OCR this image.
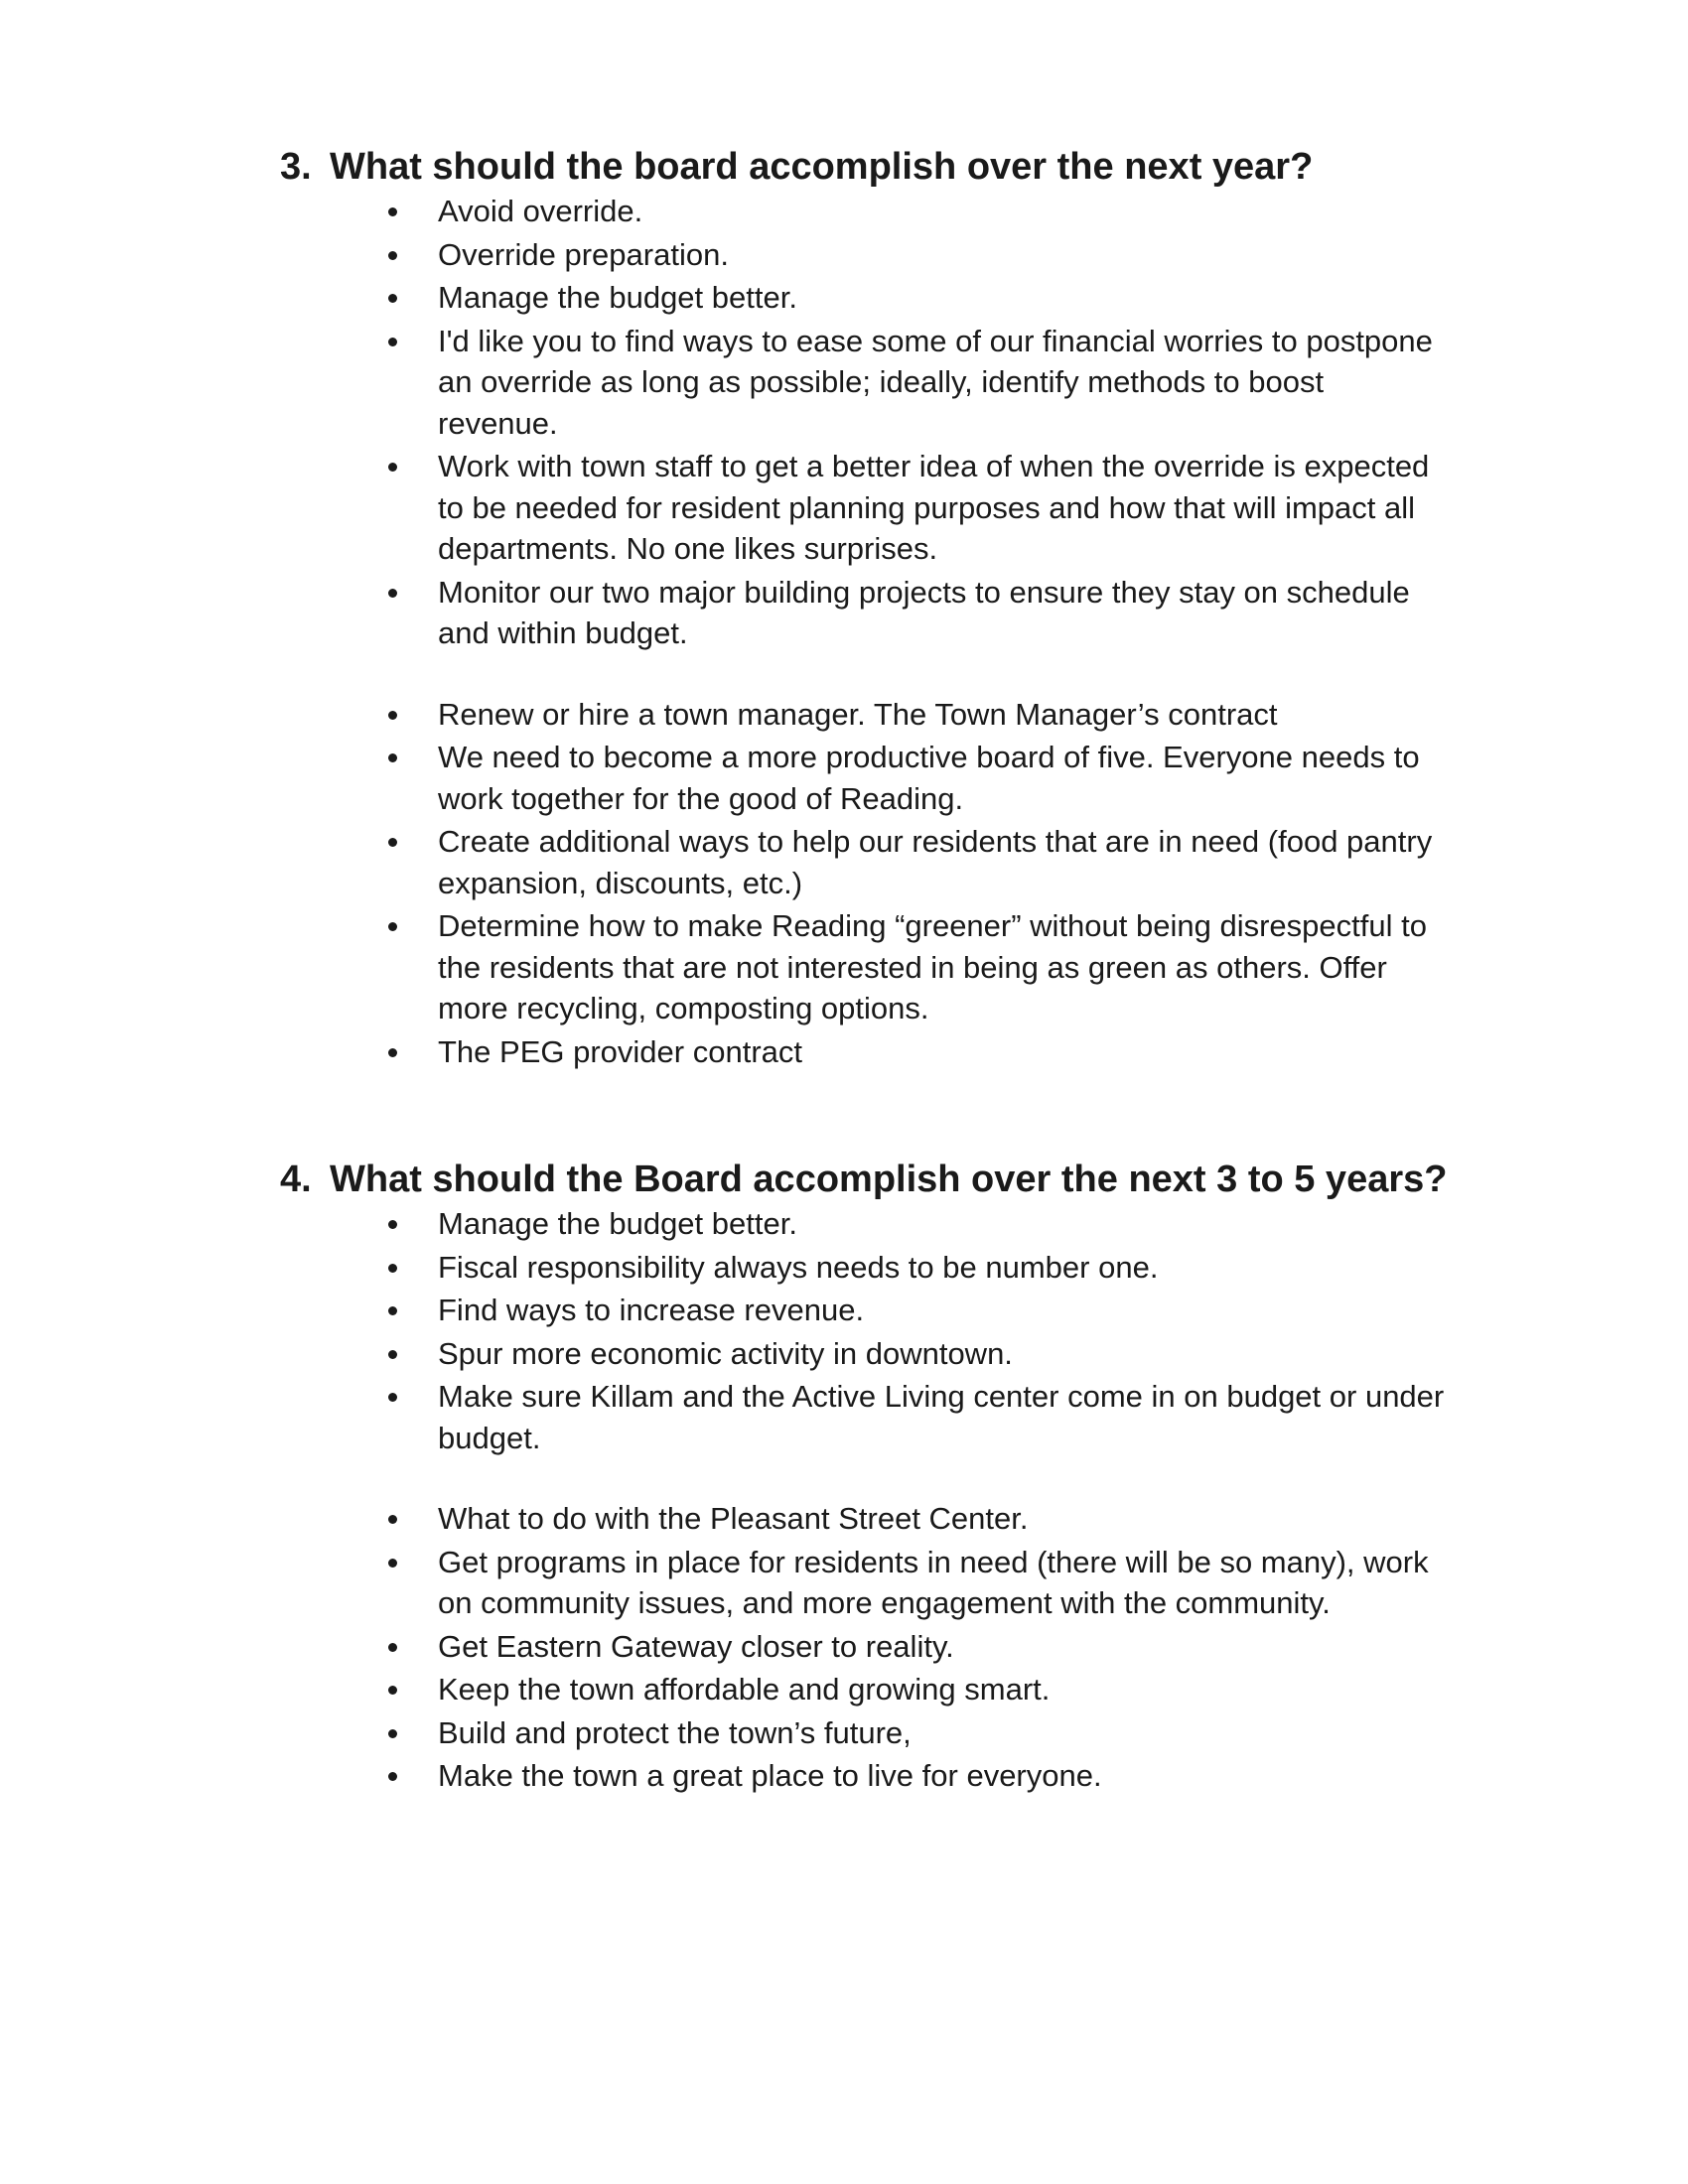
3. What should the board accomplish over the next year?
Avoid override.
Override preparation.
Manage the budget better.
I'd like you to find ways to ease some of our financial worries to postpone an override as long as possible; ideally, identify methods to boost revenue.
Work with town staff to get a better idea of when the override is expected to be needed for resident planning purposes and how that will impact all departments. No one likes surprises.
Monitor our two major building projects to ensure they stay on schedule and within budget.
Renew or hire a town manager. The Town Manager’s contract
We need to become a more productive board of five. Everyone needs to work together for the good of Reading.
Create additional ways to help our residents that are in need (food pantry expansion, discounts, etc.)
Determine how to make Reading “greener” without being disrespectful to the residents that are not interested in being as green as others. Offer more recycling, composting options.
The PEG provider contract
4. What should the Board accomplish over the next 3 to 5 years?
Manage the budget better.
Fiscal responsibility always needs to be number one.
Find ways to increase revenue.
Spur more economic activity in downtown.
Make sure Killam and the Active Living center come in on budget or under budget.
What to do with the Pleasant Street Center.
Get programs in place for residents in need (there will be so many), work on community issues, and more engagement with the community.
Get Eastern Gateway closer to reality.
Keep the town affordable and growing smart.
Build and protect the town’s future,
Make the town a great place to live for everyone.
